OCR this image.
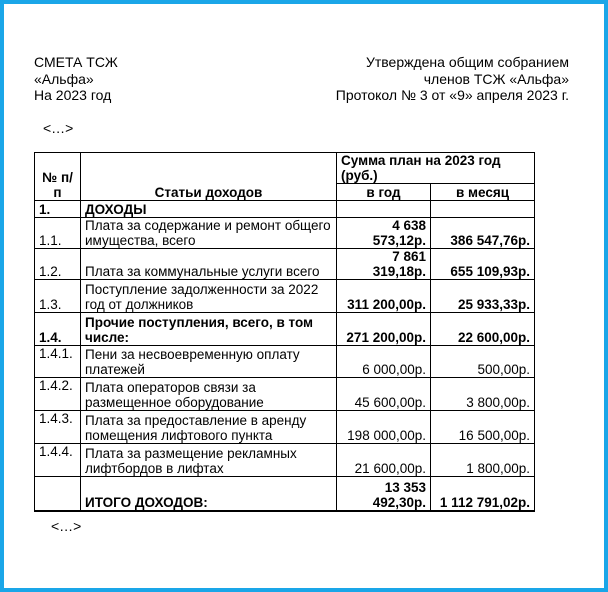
СМЕТА ТСЖ
«Альфа»
На 2023 год
Утверждена общим собранием
членов ТСЖ «Альфа»
Протокол № 3 от «9» апреля 2023 г.
<…>
№ п/п	Статьи доходов	Сумма план на 2023 год (руб.)	
		в год	в месяц
1.	ДОХОДЫ		
1.1.	Плата за содержание и ремонт общего имущества, всего	4 638 573,12р.	386 547,76р.
1.2.	Плата за коммунальные услуги всего	7 861 319,18р.	655 109,93р.
1.3.	Поступление задолженности за 2022 год от должников	311 200,00р.	25 933,33р.
1.4.	Прочие поступления, всего, в том числе:	271 200,00р.	22 600,00р.
1.4.1.	Пени за несвоевременную оплату платежей	6 000,00р.	500,00р.
1.4.2.	Плата операторов связи за размещенное оборудование	45 600,00р.	3 800,00р.
1.4.3.	Плата за предоставление в аренду помещения лифтового пункта	198 000,00р.	16 500,00р.
1.4.4.	Плата за размещение рекламных лифтбордов в лифтах	21 600,00р.	1 800,00р.
	ИТОГО ДОХОДОВ:	13 353 492,30р.	1 112 791,02р.
<…>
